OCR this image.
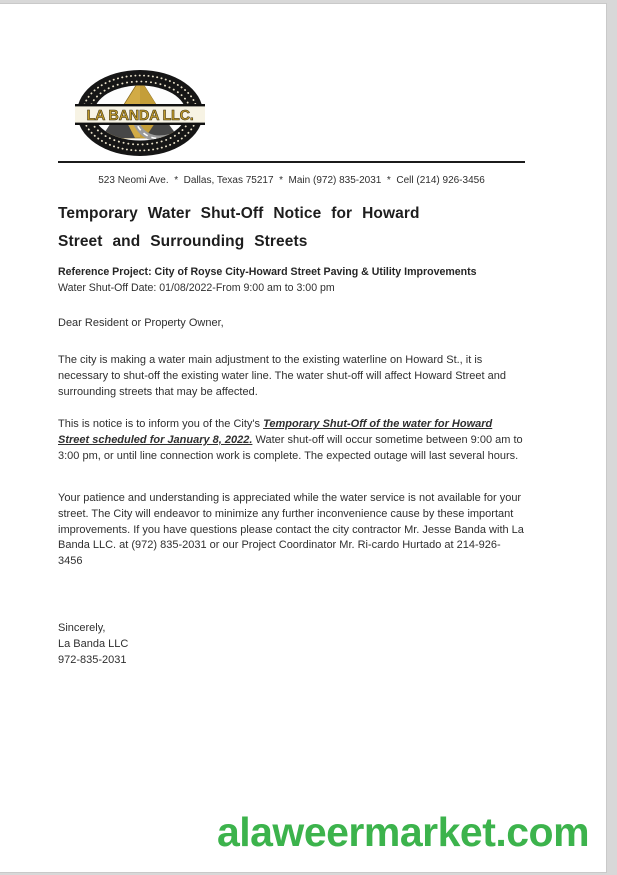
LA BANDA LLC.
523 Neomi Ave.  *  Dallas, Texas 75217  *  Main (972) 835-2031  *  Cell (214) 926-3456
Temporary Water Shut-Off Notice for Howard
Street and Surrounding Streets
Reference Project: City of Royse City-Howard Street Paving & Utility Improvements
Water Shut-Off Date: 01/08/2022-From 9:00 am to 3:00 pm
Dear Resident or Property Owner,
The city is making a water main adjustment to the existing waterline on Howard St., it is necessary to shut-off the existing water line. The water shut-off will affect Howard Street and surrounding streets that may be affected.
This is notice is to inform you of the City's Temporary Shut-Off of the water for Howard Street scheduled for January 8, 2022. Water shut-off will occur sometime between 9:00 am to 3:00 pm, or until line connection work is complete. The expected outage will last several hours.
Your patience and understanding is appreciated while the water service is not available for your street. The City will endeavor to minimize any further inconvenience cause by these important improvements. If you have questions please contact the city contractor Mr. Jesse Banda with La Banda LLC. at (972) 835-2031 or our Project Coordinator Mr. Ri-cardo Hurtado at 214-926-3456
Sincerely,
La Banda LLC
972-835-2031
alaweermarket.com
